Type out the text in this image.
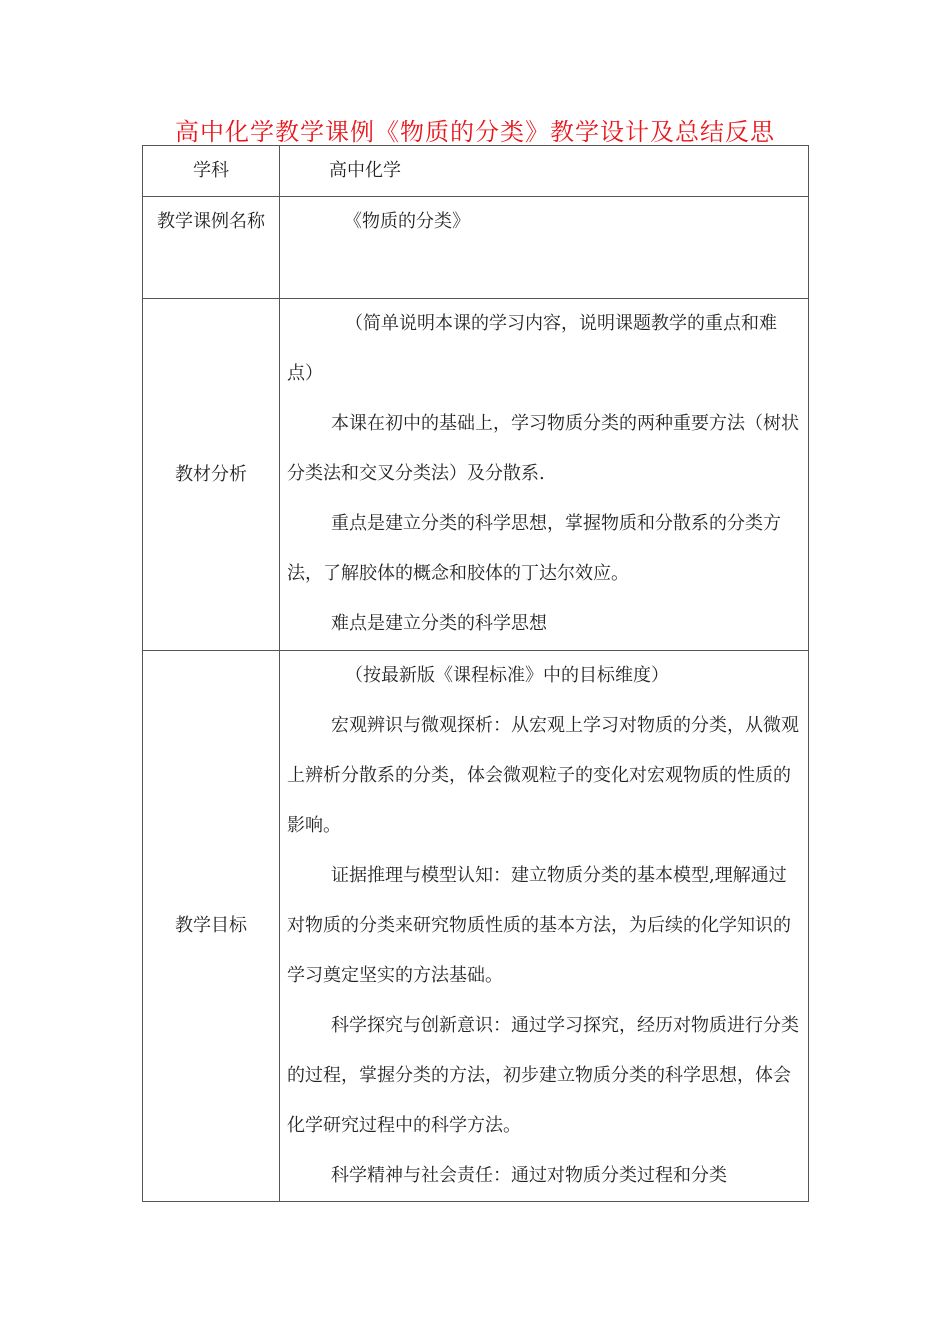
高中化学教学课例《物质的分类》教学设计及总结反思
学科	高中化学

教学课例名称	《物质的分类》

教材分析	（简单说明本课的学习内容，说明课题教学的重点和难点）

本课在初中的基础上，学习物质分类的两种重要方法（树状分类法和交叉分类法）及分散系.

重点是建立分类的科学思想，掌握物质和分散系的分类方法，了解胶体的概念和胶体的丁达尔效应。

难点是建立分类的科学思想

教学目标	（按最新版《课程标准》中的目标维度）

宏观辨识与微观探析：从宏观上学习对物质的分类，从微观上辨析分散系的分类，体会微观粒子的变化对宏观物质的性质的影响。

证据推理与模型认知：建立物质分类的基本模型,理解通过对物质的分类来研究物质性质的基本方法，为后续的化学知识的学习奠定坚实的方法基础。

科学探究与创新意识：通过学习探究，经历对物质进行分类的过程，掌握分类的方法，初步建立物质分类的科学思想，体会化学研究过程中的科学方法。

科学精神与社会责任：通过对物质分类过程和分类
